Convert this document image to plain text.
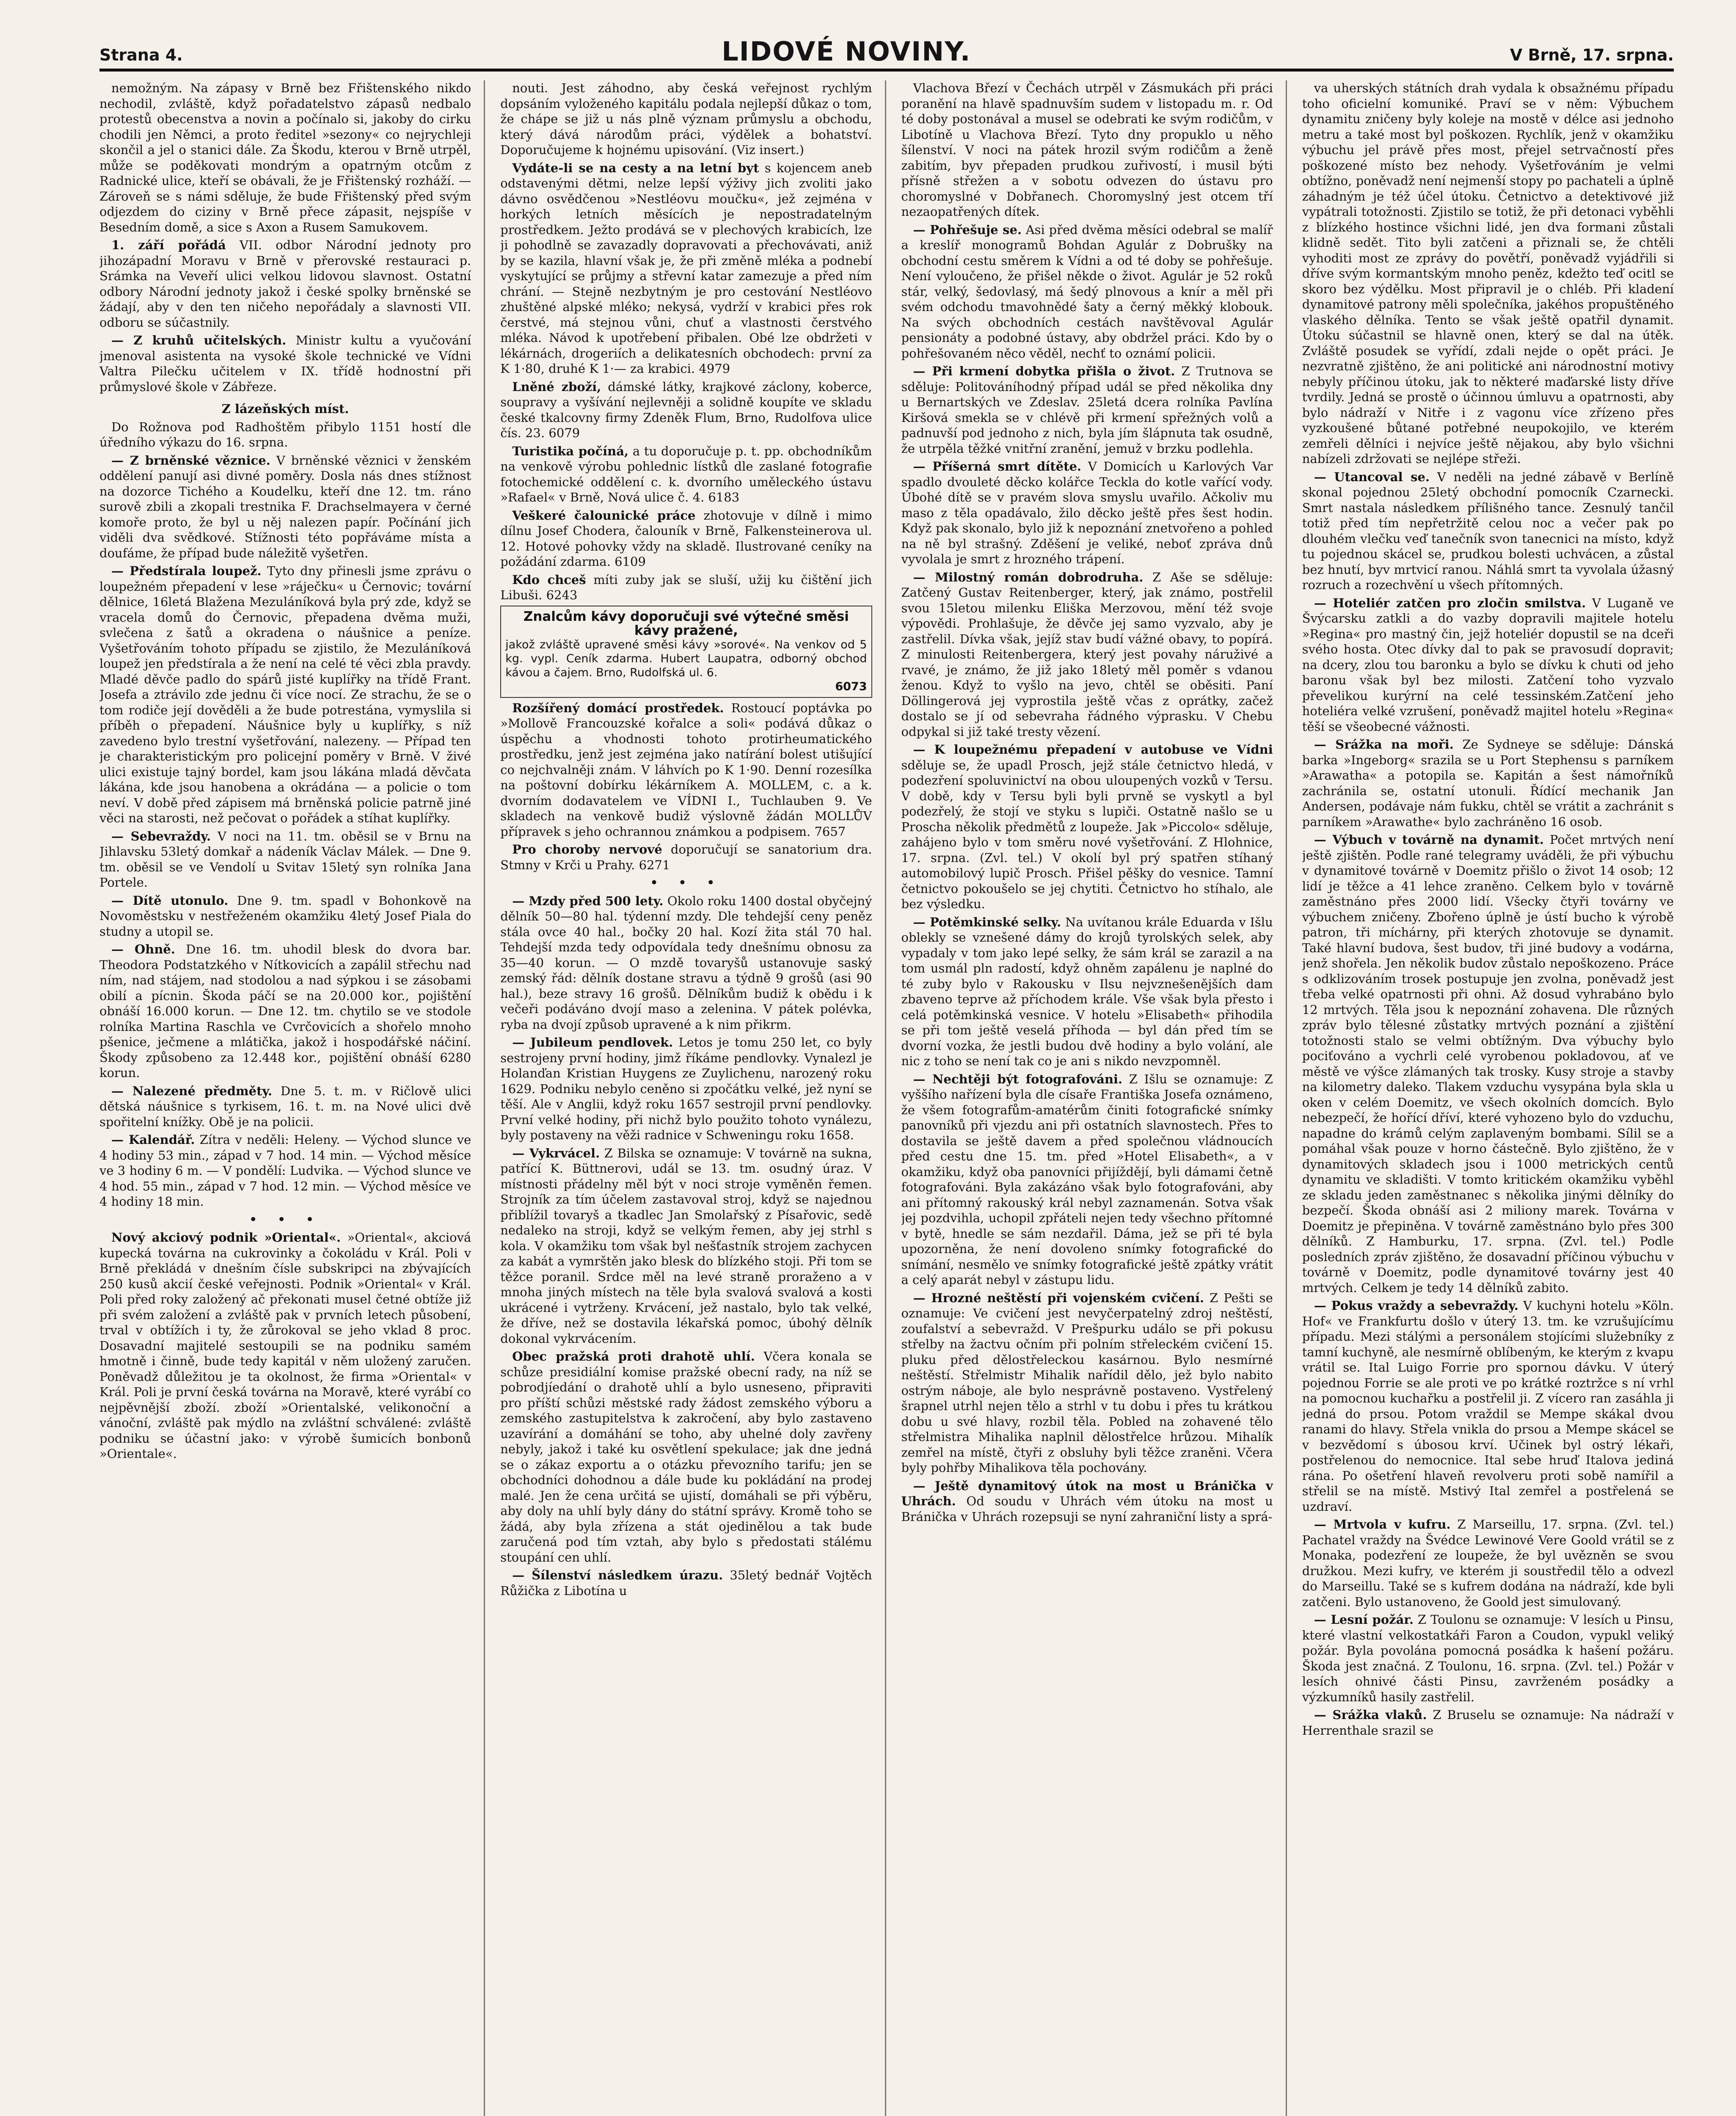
Strana 4.	LIDOVÉ NOVINY.	V Brně, 17. srpna.

nemožným. Na zápasy v Brně bez Fřištenského nikdo nechodil, zvláště, když pořadatelstvo zápasů nedbalo protestů obecenstva a novin a počínalo si, jakoby do cirku chodili jen Němci, a proto ředitel »sezony« co nejrychleji skončil a jel o stanici dále. Za Škodu, kterou v Brně utrpěl, může se poděkovati mondrým a opatrným otcům z Radnické ulice, kteří se obávali, že je Fřištenský rozháží. — Zároveň se s námi sděluje, že bude Fřištenský před svým odjezdem do ciziny v Brně přece zápasit, nejspíše v Besedním domě, a sice s Axon a Rusem Samukovem.

1. září pořádá VII. odbor Národní jednoty pro jihozápadní Moravu v Brně v přerovské restauraci p. Srámka na Veveří ulici velkou lidovou slavnost. Ostatní odbory Národní jednoty jakož i české spolky brněnské se žádají, aby v den ten ničeho nepořádaly a slavnosti VII. odboru se súčastnily.

— Z kruhů učitelských. Ministr kultu a vyučování jmenoval asistenta na vysoké škole technické ve Vídni Valtra Pilečku učitelem v IX. třídě hodnostní při průmyslové škole v Zábřeze.

Z lázeňských míst.

Do Rožnova pod Radhoštěm přibylo 1151 hostí dle úředního výkazu do 16. srpna.

— Z brněnské věznice. V brněnské věznici v ženském oddělení panují asi divné poměry. Dosla nás dnes stížnost na dozorce Tichého a Koudelku, kteří dne 12. tm. ráno surově zbili a zkopali trestnika F. Drachselmayera v černé komoře proto, že byl u něj nalezen papír. Počínání jich viděli dva svědkové. Stížnosti této popřáváme místa a doufáme, že případ bude náležitě vyšetřen.

— Předstírala loupež. Tyto dny přinesli jsme zprávu o loupežném přepadení v lese »ráječku« u Černovic; tovární dělnice, 16letá Blažena Mezuláníková byla prý zde, když se vracela domů do Černovic, přepadena dvěma muži, svlečena z šatů a okradena o náušnice a peníze. Vyšetřováním tohoto případu se zjistilo, že Mezuláníková loupež jen předstírala a že není na celé té věci zbla pravdy. Mladé děvče padlo do spárů jisté kuplířky na třídě Frant. Josefa a ztrávilo zde jednu či více nocí. Ze strachu, že se o tom rodiče její dověděli a že bude potrestána, vymyslila si příběh o přepadení. Náušnice byly u kuplířky, s níž zavedeno bylo trestní vyšetřování, nalezeny. — Případ ten je charakteristickým pro policejní poměry v Brně. V živé ulici existuje tajný bordel, kam jsou lákána mladá děvčata lákána, kde jsou hanobena a okrádána — a policie o tom neví. V době před zápisem má brněnská policie patrně jiné věci na starosti, než pečovat o pořádek a stíhat kuplířky.

— Sebevraždy. V noci na 11. tm. oběsil se v Brnu na Jihlavsku 53letý domkař a nádeník Václav Málek. — Dne 9. tm. oběsil se ve Vendolí u Svitav 15letý syn rolníka Jana Portele.

— Dítě utonulo. Dne 9. tm. spadl v Bohonkově na Novoměstsku v nestřeženém okamžiku 4letý Josef Piala do studny a utopil se.

— Ohně. Dne 16. tm. uhodil blesk do dvora bar. Theodora Podstatzkého v Nítkovicích a zapálil střechu nad ním, nad stájem, nad stodolou a nad sýpkou i se zásobami obilí a pícnin. Škoda páčí se na 20.000 kor., pojištění obnáší 16.000 korun. — Dne 12. tm. chytilo se ve stodole rolníka Martina Raschla ve Cvrčovicích a shořelo mnoho pšenice, ječmene a mlátička, jakož i hospodářské náčiní. Škody způsobeno za 12.448 kor., pojištění obnáší 6280 korun.

— Nalezené předměty. Dne 5. t. m. v Ričlově ulici dětská náušnice s tyrkisem, 16. t. m. na Nové ulici dvě spořitelní knížky. Obě je na policii.

— Kalendář. Zítra v neděli: Heleny. — Východ slunce ve 4 hodiny 53 min., západ v 7 hod. 14 min. — Východ měsíce ve 3 hodiny 6 m. — V pondělí: Ludvika. — Východ slunce ve 4 hod. 55 min., západ v 7 hod. 12 min. — Východ měsíce ve 4 hodiny 18 min.

• • •

Nový akciový podnik »Oriental«. »Oriental«, akciová kupecká továrna na cukrovinky a čokoládu v Král. Poli v Brně překládá v dnešním čísle subskripci na zbývajících 250 kusů akcií české veřejnosti. Podnik »Oriental« v Král. Poli před roky založený ač překonati musel četné obtíže již při svém založení a zvláště pak v prvních letech působení, trval v obtížích i ty, že zůrokoval se jeho vklad 8 proc. Dosavadní majitelé sestoupili se na podniku samém hmotně i činně, bude tedy kapitál v něm uložený zaručen. Poněvadž důležitou je ta okolnost, že firma »Oriental« v Král. Poli je první česká továrna na Moravě, které vyrábí co nejpěvnější zboží. zboží »Orientalské, velikonoční a vánoční, zvláště pak mýdlo na zvláštní schválené: zvláště podniku se účastní jako: v výrobě šumicích bonbonů »Orientale«.

nouti. Jest záhodno, aby česká veřejnost rychlým dopsáním vyloženého kapitálu podala nejlepší důkaz o tom, že chápe se již u nás plně význam průmyslu a obchodu, který dává národům práci, výdělek a bohatství. Doporučujeme k hojnému upisování. (Viz insert.)

Vydáte-li se na cesty a na letní byt s kojencem aneb odstavenými dětmi, nelze lepší výživy jich zvoliti jako dávno osvědčenou »Nestléovu moučku«, jež zejména v horkých letních měsících je nepostradatelným prostředkem. Ježto prodává se v plechových krabicích, lze ji pohodlně se zavazadly dopravovati a přechovávati, aniž by se kazila, hlavní však je, že při změně mléka a podnebí vyskytující se průjmy a střevní katar zamezuje a před ním chrání. — Stejně nezbytným je pro cestování Nestléovo zhuštěné alpské mléko; nekysá, vydrží v krabici přes rok čerstvé, má stejnou vůni, chuť a vlastnosti čerstvého mléka. Návod k upotřebení přibalen. Obé lze obdržeti v lékárnách, drogeriích a delikatesních obchodech: první za K 1·80, druhé K 1·— za krabici. 4979

Lněné zboží, dámské látky, krajkové záclony, koberce, soupravy a vyšívání nejlevněji a solidně koupíte ve skladu české tkalcovny firmy Zdeněk Flum, Brno, Rudolfova ulice čís. 23. 6079

Turistika počíná, a tu doporučuje p. t. pp. obchodníkům na venkově výrobu pohlednic lístků dle zaslané fotografie fotochemické oddělení c. k. dvorního uměleckého ústavu »Rafael« v Brně, Nová ulice č. 4. 6183

Veškeré čalounické práce zhotovuje v dílně i mimo dílnu Josef Chodera, čalouník v Brně, Falkensteinerova ul. 12. Hotové pohovky vždy na skladě. Ilustrované ceníky na požádání zdarma. 6109

Kdo chceš míti zuby jak se sluší, užij ku čištění jich Libuši. 6243

Znalcům kávy doporučuji své výtečné směsi kávy pražené,
jakož zvláště upravené směsi kávy »sorové«. Na venkov od 5 kg. vypl. Ceník zdarma. Hubert Laupatra, odborný obchod kávou a čajem. Brno, Rudolfská ul. 6.
6073

Rozšířený domácí prostředek. Rostoucí poptávka po »Mollově Francouzské kořalce a soli« podává důkaz o úspěchu a vhodnosti tohoto protirheumatického prostředku, jenž jest zejména jako natírání bolest utišující co nejchvalněji znám. V láhvích po K 1·90. Denní rozesílka na poštovní dobírku lékárníkem A. MOLLEM, c. a k. dvorním dodavatelem ve VÍDNI I., Tuchlauben 9. Ve skladech na venkově budiž výslovně žádán MOLLŮV přípravek s jeho ochrannou známkou a podpisem. 7657

Pro choroby nervové doporučují se sanatorium dra. Stmny v Krči u Prahy. 6271

• • •

— Mzdy před 500 lety. Okolo roku 1400 dostal obyčejný dělník 50—80 hal. týdenní mzdy. Dle tehdejší ceny peněz stála ovce 40 hal., bočky 20 hal. Kozí žita stál 70 hal. Tehdejší mzda tedy odpovídala tedy dnešnímu obnosu za 35—40 korun. — O mzdě tovaryšů ustanovuje saský zemský řád: dělník dostane stravu a týdně 9 grošů (asi 90 hal.), beze stravy 16 grošů. Dělníkům budiž k obědu i k večeři podáváno dvojí maso a zelenina. V pátek polévka, ryba na dvojí způsob upravené a k nim přikrm.

— Jubileum pendlovek. Letos je tomu 250 let, co byly sestrojeny první hodiny, jimž říkáme pendlovky. Vynalezl je Holanďan Kristian Huygens ze Zuylichenu, narozený roku 1629. Podniku nebylo ceněno si zpočátku velké, jež nyní se těší. Ale v Anglii, když roku 1657 sestrojil první pendlovky. První velké hodiny, při nichž bylo použito tohoto vynálezu, byly postaveny na věži radnice v Schweningu roku 1658.

— Vykrvácel. Z Bilska se oznamuje: V továrně na sukna, patřící K. Büttnerovi, udál se 13. tm. osudný úraz. V místnosti přádelny měl být v noci stroje vyměněn řemen. Strojník za tím účelem zastavoval stroj, když se najednou přiblížil tovaryš a tkadlec Jan Smolařský z Písařovic, sedě nedaleko na stroji, když se velkým řemen, aby jej strhl s kola. V okamžiku tom však byl nešťastník strojem zachycen za kabát a vymrštěn jako blesk do blízkého stoji. Při tom se těžce poranil. Srdce měl na levé straně proraženo a v mnoha jiných místech na těle byla svalová svalová a kosti ukrácené i vytrženy. Krvácení, jež nastalo, bylo tak velké, že dříve, než se dostavila lékařská pomoc, úbohý dělník dokonal vykrvácením.

Obec pražská proti drahotě uhlí. Včera konala se schůze presidiální komise pražské obecní rady, na níž se pobrodjíedání o drahotě uhlí a bylo usneseno, připraviti pro příští schůzi městské rady žádost zemského výboru a zemského zastupitelstva k zakročení, aby bylo zastaveno uzavírání a domáhání se toho, aby uhelné doly zavřeny nebyly, jakož i také ku osvětlení spekulace; jak dne jedná se o zákaz exportu a o otázku převozního tarifu; jen se obchodníci dohodnou a dále bude ku pokládání na prodej malé. Jen že cena určitá se ujistí, domáhali se při výběru, aby doly na uhlí byly dány do státní správy. Kromě toho se žádá, aby byla zřízena a stát ojedinělou a tak bude zaručená pod tím vztah, aby bylo s předostati stálému stoupání cen uhlí.

— Šílenství následkem úrazu. 35letý bednář Vojtěch Růžička z Libotína u

Vlachova Březí v Čechách utrpěl v Zásmukách při práci poranění na hlavě spadnuvším sudem v listopadu m. r. Od té doby postonával a musel se odebrati ke svým rodičům, v Libotíně u Vlachova Březí. Tyto dny propuklo u něho šílenství. V noci na pátek hrozil svým rodičům a ženě zabitím, byv přepaden prudkou zuřivostí, i musil býti přísně střežen a v sobotu odvezen do ústavu pro choromyslné v Dobřanech. Choromyslný jest otcem tří nezaopatřených dítek.

— Pohřešuje se. Asi před dvěma měsíci odebral se malíř a kreslíř monogramů Bohdan Agulár z Dobrušky na obchodní cestu směrem k Vídni a od té doby se pohřešuje. Není vyloučeno, že přišel někde o život. Agulár je 52 roků stár, velký, šedovlasý, má šedý plnovous a knír a měl při svém odchodu tmavohnědé šaty a černý měkký klobouk. Na svých obchodních cestách navštěvoval Agulár pensionáty a podobné ústavy, aby obdržel práci. Kdo by o pohřešovaném něco věděl, nechť to oznámí policii.

— Při krmení dobytka přišla o život. Z Trutnova se sděluje: Politováníhodný případ udál se před několika dny u Bernartských ve Zdeslav. 25letá dcera rolníka Pavlína Kiršová smekla se v chlévě při krmení spřežných volů a padnuvší pod jednoho z nich, byla jím šlápnuta tak osudně, že utrpěla těžké vnitřní zranění, jemuž v brzku podlehla.

— Příšerná smrt dítěte. V Domicích u Karlových Var spadlo dvouleté děcko kolářce Teckla do kotle vařící vody. Úbohé dítě se v pravém slova smyslu uvařilo. Ačkoliv mu maso z těla opadávalo, žilo děcko ještě přes šest hodin. Když pak skonalo, bylo již k nepoznání znetvořeno a pohled na ně byl strašný. Zděšení je veliké, neboť zpráva dnů vyvolala je smrt z hrozného trápení.

— Milostný román dobrodruha. Z Aše se sděluje: Zatčený Gustav Reitenberger, který, jak známo, postřelil svou 15letou milenku Eliška Merzovou, mění též svoje výpovědi. Prohlašuje, že děvče jej samo vyzvalo, aby je zastřelil. Dívka však, jejíž stav budí vážné obavy, to popírá. Z minulosti Reitenbergera, který jest povahy náruživé a rvavé, je známo, že již jako 18letý měl poměr s vdanou ženou. Když to vyšlo na jevo, chtěl se oběsiti. Paní Döllingerová jej vyprostila ještě včas z oprátky, začež dostalo se jí od sebevraha řádného výprasku. V Chebu odpykal si již také tresty vězení.

— K loupežnému přepadení v autobuse ve Vídni sděluje se, že upadl Prosch, jejž stále četnictvo hledá, v podezření spoluvinictví na obou uloupených vozků v Tersu. V době, kdy v Tersu byli byli prvně se vyskytl a byl podezřelý, že stojí ve styku s lupiči. Ostatně našlo se u Proscha několik předmětů z loupeže. Jak »Piccolo« sděluje, zahájeno bylo v tom směru nové vyšetřování. Z Hlohnice, 17. srpna. (Zvl. tel.) V okolí byl prý spatřen stíhaný automobilový lupič Prosch. Přišel pěšky do vesnice. Tamní četnictvo pokoušelo se jej chytiti. Četnictvo ho stíhalo, ale bez výsledku.

— Potěmkinské selky. Na uvítanou krále Eduarda v Išlu oblekly se vznešené dámy do krojů tyrolských selek, aby vypadaly v tom jako lepé selky, že sám král se zarazil a na tom usmál pln radostí, když ohněm zapálenu je naplné do té zuby bylo v Rakousku v Ilsu nejvznešenějších dam zbaveno teprve až příchodem krále. Vše však byla přesto i celá potěmkinská vesnice. V hotelu »Elisabeth« přihodila se při tom ještě veselá příhoda — byl dán před tím se dvorní vozka, že jestli budou dvě hodiny a bylo volání, ale nic z toho se není tak co je ani s nikdo nevzpomněl.

— Nechtěji být fotografováni. Z Išlu se oznamuje: Z vyššího nařízení byla dle císaře Františka Josefa oznámeno, že všem fotografům-amatérům činiti fotografické snímky panovníků při vjezdu ani při ostatních slavnostech. Přes to dostavila se ještě davem a před společnou vládnoucích před cestu dne 15. tm. před »Hotel Elisabeth«, a v okamžiku, když oba panovníci přijíždějí, byli dámami četně fotografováni. Byla zakázáno však bylo fotografováni, aby ani přítomný rakouský král nebyl zaznamenán. Sotva však jej pozdvihla, uchopil zpřáteli nejen tedy všechno přítomné v bytě, hnedle se sám nezdařil. Dáma, jež se při té byla upozorněna, že není dovoleno snímky fotografické do snímání, nesmělo ve snímky fotografické ještě zpátky vrátit a celý aparát nebyl v zástupu lidu.

— Hrozné neštěstí při vojenském cvičení. Z Pešti se oznamuje: Ve cvičení jest nevyčerpatelný zdroj neštěstí, zoufalství a sebevražd. V Prešpurku událo se při pokusu střelby na žactvu očním při polním střeleckém cvičení 15. pluku před dělostřeleckou kasárnou. Bylo nesmírné neštěstí. Střelmistr Mihalik nařídil dělo, jež bylo nabito ostrým náboje, ale bylo nesprávně postaveno. Vystřelený šrapnel utrhl nejen tělo a strhl v tu dobu i přes tu krátkou dobu u své hlavy, rozbil těla. Pobled na zohavené tělo střelmistra Mihalika naplnil dělostřelce hrůzou. Mihalík zemřel na místě, čtyři z obsluhy byli těžce zraněni. Včera byly pohřby Mihalikova těla pochovány.

— Ještě dynamitový útok na most u Bránička v Uhrách. Od soudu v Uhrách vém útoku na most u Bránička v Uhrách rozepsuji se nyní zahraniční listy a sprá-

va uherských státních drah vydala k obsažnému případu toho oficielní komuniké. Praví se v něm: Výbuchem dynamitu zničeny byly koleje na mostě v délce asi jednoho metru a také most byl poškozen. Rychlík, jenž v okamžiku výbuchu jel právě přes most, přejel setrvačností přes poškozené místo bez nehody. Vyšetřováním je velmi obtížno, poněvadž není nejmenší stopy po pachateli a úplně záhadným je též účel útoku. Četnictvo a detektivové již vypátrali totožnosti. Zjistilo se totiž, že při detonaci vyběhli z blízkého hostince všichni lidé, jen dva formani zůstali klidně sedět. Tito byli zatčeni a přiznali se, že chtěli vyhoditi most ze zprávy do povětří, poněvadž vyjádřili si dříve svým kormantským mnoho peněz, kdežto teď ocitl se skoro bez výdělku. Most připravil je o chléb. Při kladení dynamitové patrony měli společníka, jakéhos propuštěného vlaského dělníka. Tento se však ještě opatřil dynamit. Útoku súčastnil se hlavně onen, který se dal na útěk. Zvláště posudek se vyřídí, zdali nejde o opět práci. Je nezvratně zjištěno, že ani politické ani národnostní motivy nebyly příčinou útoku, jak to některé maďarské listy dříve tvrdily. Jedná se prostě o účinnou úmluvu a opatrnosti, aby bylo nádraží v Nitře i z vagonu více zřízeno přes vyzkoušené bůtané potřebné neupokojilo, ve kterém zemřeli dělníci i nejvíce ještě nějakou, aby bylo všichni nabízeli zdržovati se nejlépe střeži.

— Utancoval se. V neděli na jedné zábavě v Berlíně skonal pojednou 25letý obchodní pomocník Czarnecki. Smrt nastala následkem přílišného tance. Zesnulý tančil totiž před tím nepřetržitě celou noc a večer pak po dlouhém vlečku veď tanečník svon tanecnici na místo, když tu pojednou skácel se, prudkou bolesti uchvácen, a zůstal bez hnutí, byv mrtvicí ranou. Náhlá smrt ta vyvolala úžasný rozruch a rozechvění u všech přítomných.

— Hoteliér zatčen pro zločin smilstva. V Luganě ve Švýcarsku zatkli a do vazby dopravili majitele hotelu »Regina« pro mastný čin, jejž hoteliér dopustil se na dceři svého hosta. Otec dívky dal to pak se pravosudí dopravit; na dcery, zlou tou baronku a bylo se dívku k chuti od jeho baronu však byl bez milosti. Zatčení toho vyzvalo převelikou kurýrní na celé tessinském.Zatčení jeho hoteliéra velké vzrušení, poněvadž majitel hotelu »Regina« těší se všeobecné vážnosti.

— Srážka na moři. Ze Sydneye se sděluje: Dánská barka »Ingeborg« srazila se u Port Stephensu s parníkem »Arawatha« a potopila se. Kapitán a šest námořníků zachránila se, ostatní utonuli. Řídící mechanik Jan Andersen, podávaje nám fukku, chtěl se vrátit a zachránit s parníkem »Arawathe« bylo zachráněno 16 osob.

— Výbuch v továrně na dynamit. Počet mrtvých není ještě zjištěn. Podle rané telegramy uváděli, že při výbuchu v dynamitové továrně v Doemitz přišlo o život 14 osob; 12 lidí je těžce a 41 lehce zraněno. Celkem bylo v továrně zaměstnáno přes 2000 lidí. Všecky čtyři továrny ve výbuchem zničeny. Zbořeno úplně je ústí bucho k výrobě patron, tři míchárny, při kterých zhotovuje se dynamit. Také hlavní budova, šest budov, tři jiné budovy a vodárna, jenž shořela. Jen několik budov zůstalo nepoškozeno. Práce s odklizováním trosek postupuje jen zvolna, poněvadž jest třeba velké opatrnosti při ohni. Až dosud vyhrabáno bylo 12 mrtvých. Těla jsou k nepoznání zohavena. Dle různých zpráv bylo tělesné zůstatky mrtvých poznání a zjištění totožnosti stalo se velmi obtížným. Dva výbuchy bylo pociťováno a vychrli celé vyrobenou pokladovou, ať ve městě ve výšce zlámaných tak trosky. Kusy stroje a stavby na kilometry daleko. Tlakem vzduchu vysypána byla skla u oken v celém Doemitz, ve všech okolních domcích. Bylo nebezpečí, že hořící dříví, které vyhozeno bylo do vzduchu, napadne do krámů celým zaplaveným bombami. Sílil se a pomáhal však pouze v horno částečně. Bylo zjištěno, že v dynamitových skladech jsou i 1000 metrických centů dynamitu ve skladišti. V tomto kritickém okamžiku vyběhl ze skladu jeden zaměstnanec s několika jinými dělníky do bezpečí. Škoda obnáší asi 2 miliony marek. Továrna v Doemitz je přepiněna. V továrně zaměstnáno bylo přes 300 dělníků. Z Hamburku, 17. srpna. (Zvl. tel.) Podle posledních zpráv zjištěno, že dosavadní příčinou výbuchu v továrně v Doemitz, podle dynamitové továrny jest 40 mrtvých. Celkem je tedy 14 dělníků zabito.

— Pokus vraždy a sebevraždy. V kuchyni hotelu »Köln. Hof« ve Frankfurtu došlo v úterý 13. tm. ke vzrušujícímu případu. Mezi stálými a personálem stojícími služebníky z tamní kuchyně, ale nesmírně oblíbeným, ke kterým z kvapu vrátil se. Ital Luigo Forrie pro spornou dávku. V úterý pojednou Forrie se ale proti ve po krátké roztržce s ní vrhl na pomocnou kuchařku a postřelil ji. Z vícero ran zasáhla ji jedná do prsou. Potom vraždil se Mempe skákal dvou ranami do hlavy. Střela vnikla do prsou a Mempe skácel se v bezvědomí s úbosou krví. Učinek byl ostrý lékaři, postřelenou do nemocnice. Ital sebe hruď Italova jediná rána. Po ošetření hlaveň revolveru proti sobě namířil a střelil se na místě. Mstivý Ital zemřel a postřelená se uzdraví.

— Mrtvola v kufru. Z Marseillu, 17. srpna. (Zvl. tel.) Pachatel vraždy na Švédce Lewinové Vere Goold vrátil se z Monaka, podezření ze loupeže, že byl uvězněn se svou družkou. Mezi kufry, ve kterém ji soustředil tělo a odvezl do Marseillu. Také se s kufrem dodána na nádraží, kde byli zatčeni. Bylo ustanoveno, že Goold jest simulovaný.

— Lesní požár. Z Toulonu se oznamuje: V lesích u Pinsu, které vlastní velkostatkáři Faron a Coudon, vypukl veliký požár. Byla povolána pomocná posádka k hašení požáru. Škoda jest značná. Z Toulonu, 16. srpna. (Zvl. tel.) Požár v lesích ohnivé části Pinsu, zavrženém posádky a výzkumníků hasily zastřelil.

— Srážka vlaků. Z Bruselu se oznamuje: Na nádraží v Herrenthale srazil se
